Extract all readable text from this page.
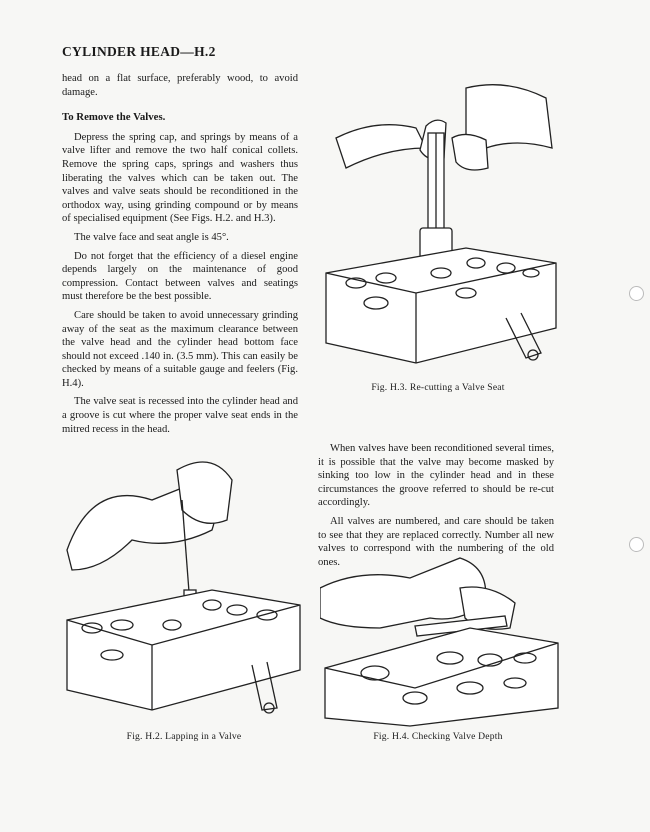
CYLINDER HEAD—H.2

head on a flat surface, preferably wood, to avoid damage.

To Remove the Valves.

Depress the spring cap, and springs by means of a valve lifter and remove the two half conical collets. Remove the spring caps, springs and washers thus liberating the valves which can be taken out. The valves and valve seats should be reconditioned in the orthodox way, using grinding compound or by means of specialised equipment (See Figs. H.2. and H.3).

The valve face and seat angle is 45°.

Do not forget that the efficiency of a diesel engine depends largely on the maintenance of good compression. Contact between valves and seatings must therefore be the best possible.

Care should be taken to avoid unnecessary grinding away of the seat as the maximum clearance between the valve head and the cylinder head bottom face should not exceed .140 in. (3.5 mm). This can easily be checked by means of a suitable gauge and feelers (Fig. H.4).

The valve seat is recessed into the cylinder head and a groove is cut where the proper valve seat ends in the mitred recess in the head.

When valves have been reconditioned several times, it is possible that the valve may become masked by sinking too low in the cylinder head and in these circumstances the groove referred to should be re-cut accordingly.

All valves are numbered, and care should be taken to see that they are replaced correctly. Number all new valves to correspond with the numbering of the old ones.

Fig. H.3. Re-cutting a Valve Seat
Fig. H.2. Lapping in a Valve	Fig. H.4. Checking Valve Depth
